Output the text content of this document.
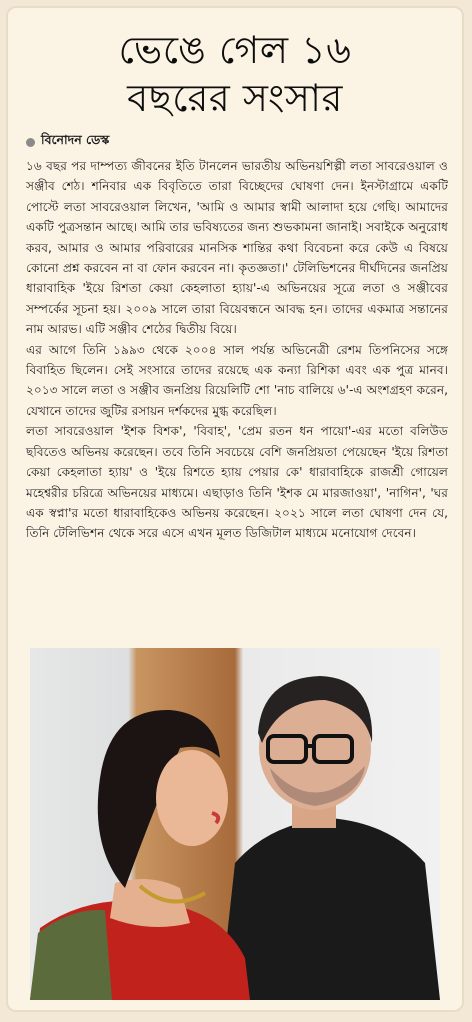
ভেঙে গেল ১৬
বছরের সংসার
বিনোদন ডেস্ক

১৬ বছর পর দাম্পত্য জীবনের ইতি টানলেন ভারতীয় অভিনয়শিল্পী লতা সাবরেওয়াল ও সঞ্জীব শেঠ। শনিবার এক বিবৃতিতে তারা বিচ্ছেদের ঘোষণা দেন। ইনস্টাগ্রামে একটি পোস্টে লতা সাবরেওয়াল লিখেন, 'আমি ও আমার স্বামী আলাদা হয়ে গেছি। আমাদের একটি পুত্রসন্তান আছে। আমি তার ভবিষ্যতের জন্য শুভকামনা জানাই। সবাইকে অনুরোধ করব, আমার ও আমার পরিবারের মানসিক শান্তির কথা বিবেচনা করে কেউ এ বিষয়ে কোনো প্রশ্ন করবেন না বা ফোন করবেন না। কৃতজ্ঞতা।' টেলিভিশনের দীর্ঘদিনের জনপ্রিয় ধারাবাহিক 'ইয়ে রিশতা কেয়া কেহলাতা হ্যায়'-এ অভিনয়ের সূত্রে লতা ও সঞ্জীবের সম্পর্কের সূচনা হয়। ২০০৯ সালে তারা বিয়েবন্ধনে আবদ্ধ হন। তাদের একমাত্র সন্তানের নাম আরভ। এটি সঞ্জীব শেঠের দ্বিতীয় বিয়ে।

এর আগে তিনি ১৯৯৩ থেকে ২০০৪ সাল পর্যন্ত অভিনেত্রী রেশম তিপনিসের সঙ্গে বিবাহিত ছিলেন। সেই সংসারে তাদের রয়েছে এক কন্যা রিশিকা এবং এক পুত্র মানব। ২০১৩ সালে লতা ও সঞ্জীব জনপ্রিয় রিয়েলিটি শো 'নাচ বালিয়ে ৬'-এ অংশগ্রহণ করেন, যেখানে তাদের জুটির রসায়ন দর্শকদের মুগ্ধ করেছিল।

লতা সাবরেওয়াল 'ইশক বিশক', 'বিবাহ', 'প্রেম রতন ধন পায়ো'-এর মতো বলিউড ছবিতেও অভিনয় করেছেন। তবে তিনি সবচেয়ে বেশি জনপ্রিয়তা পেয়েছেন 'ইয়ে রিশতা কেয়া কেহলাতা হ্যায়' ও 'ইয়ে রিশতে হ্যায় পেয়ার কে' ধারাবাহিকে রাজশ্রী গোয়েল মহেশ্বরীর চরিত্রে অভিনয়ের মাধ্যমে। এছাড়াও তিনি 'ইশক মে মারজাওয়া', 'নাগিন', 'ঘর এক স্বপ্না'র মতো ধারাবাহিকেও অভিনয় করেছেন। ২০২১ সালে লতা ঘোষণা দেন যে, তিনি টেলিভিশন থেকে সরে এসে এখন মূলত ডিজিটাল মাধ্যমে মনোযোগ দেবেন।
